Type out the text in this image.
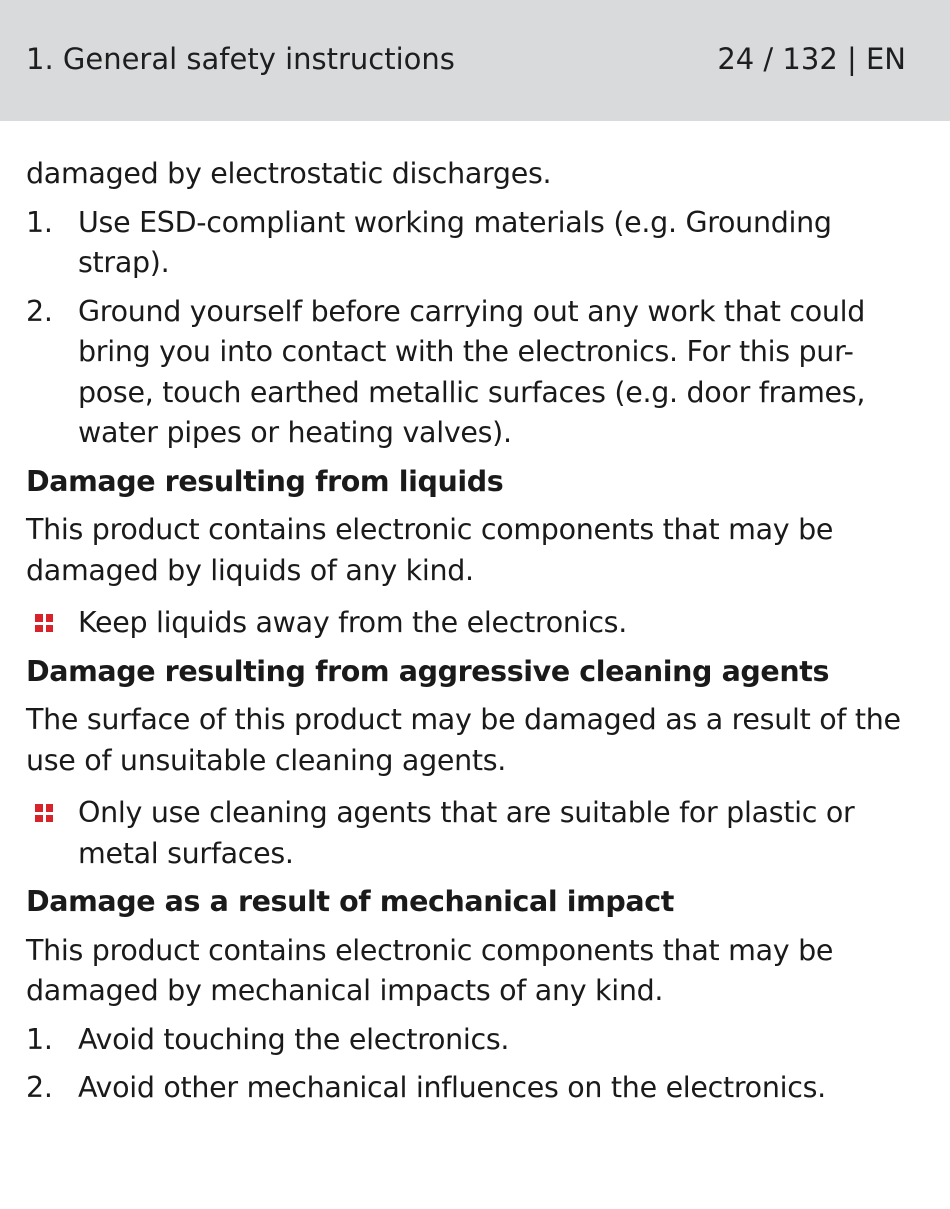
1. General safety instructions	24 / 132 | EN

damaged by electrostatic discharges.

1. Use ESD-compliant working materials (e.g. Grounding strap).
2. Ground yourself before carrying out any work that could bring you into contact with the electronics. For this pur-pose, touch earthed metallic surfaces (e.g. door frames, water pipes or heating valves).
Damage resulting from liquids

This product contains electronic components that may be damaged by liquids of any kind.

Keep liquids away from the electronics.
Damage resulting from aggressive cleaning agents

The surface of this product may be damaged as a result of the use of unsuitable cleaning agents.

Only use cleaning agents that are suitable for plastic or metal surfaces.
Damage as a result of mechanical impact

This product contains electronic components that may be damaged by mechanical impacts of any kind.

1. Avoid touching the electronics.
2. Avoid other mechanical influences on the electronics.
